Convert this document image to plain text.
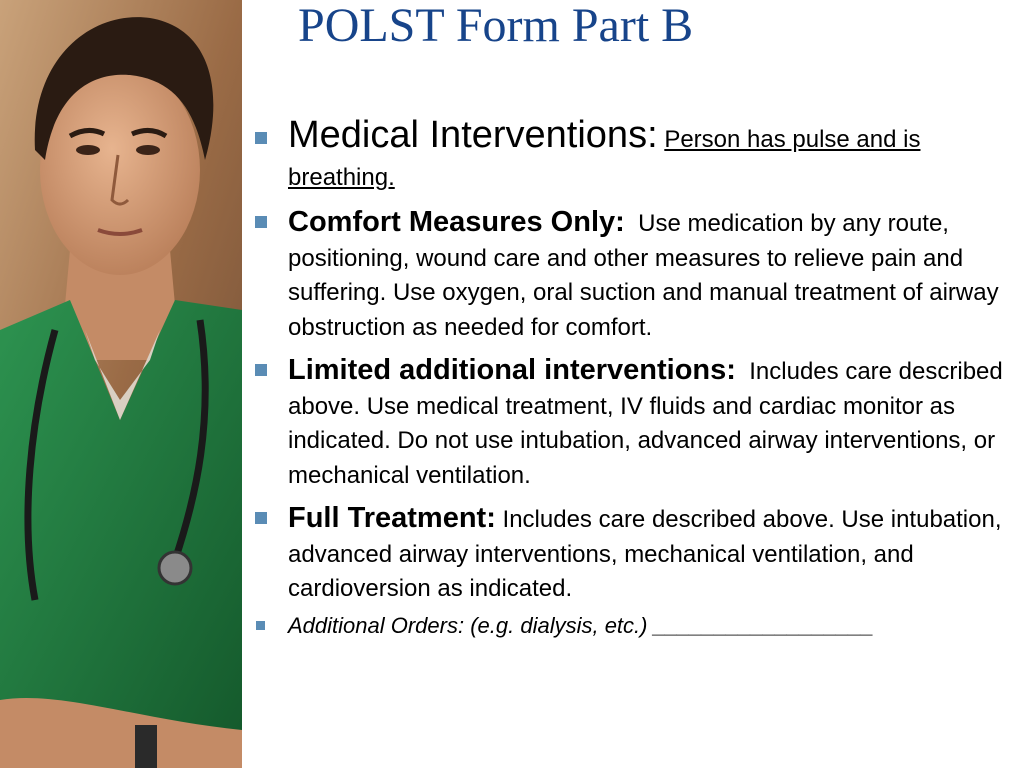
POLST Form Part B
Medical Interventions: Person has pulse and is breathing.
Comfort Measures Only: Use medication by any route, positioning, wound care and other measures to relieve pain and suffering. Use oxygen, oral suction and manual treatment of airway obstruction as needed for comfort.
Limited additional interventions: Includes care described above. Use medical treatment, IV fluids and cardiac monitor as indicated. Do not use intubation, advanced airway interventions, or mechanical ventilation.
Full Treatment: Includes care described above. Use intubation, advanced airway interventions, mechanical ventilation, and cardioversion as indicated.
Additional Orders: (e.g. dialysis, etc.) __________________
